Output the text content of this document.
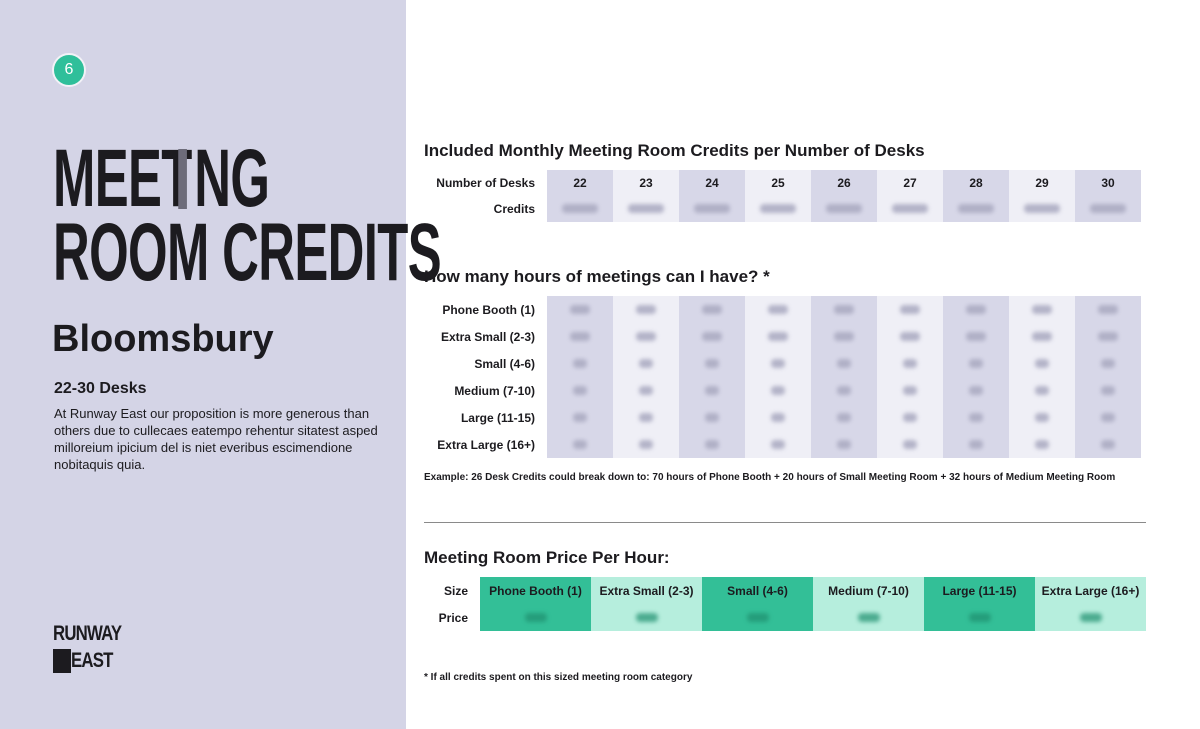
6
MEET NG
ROOM CREDITS
Bloomsbury
22-30 Desks
At Runway East our proposition is more generous than others due to cullecaes eatempo rehentur sitatest asped milloreium ipicium del is niet everibus escimendione nobitaquis quia.
RUNWAY
EAST
Included Monthly Meeting Room Credits per Number of Desks
Number of Desks	22	23	24	25	26	27	28	29	30
Credits									
How many hours of meetings can I have? *
Phone Booth (1)									
Extra Small (2-3)									
Small (4-6)									
Medium (7-10)									
Large (11-15)									
Extra Large (16+)									
Example: 26 Desk Credits could break down to: 70 hours of Phone Booth + 20 hours of Small Meeting Room + 32 hours of Medium Meeting Room
Meeting Room Price Per Hour:
Size	Phone Booth (1)	Extra Small (2-3)	Small (4-6)	Medium (7-10)	Large (11-15)	Extra Large (16+)
Price						
* If all credits spent on this sized meeting room category
